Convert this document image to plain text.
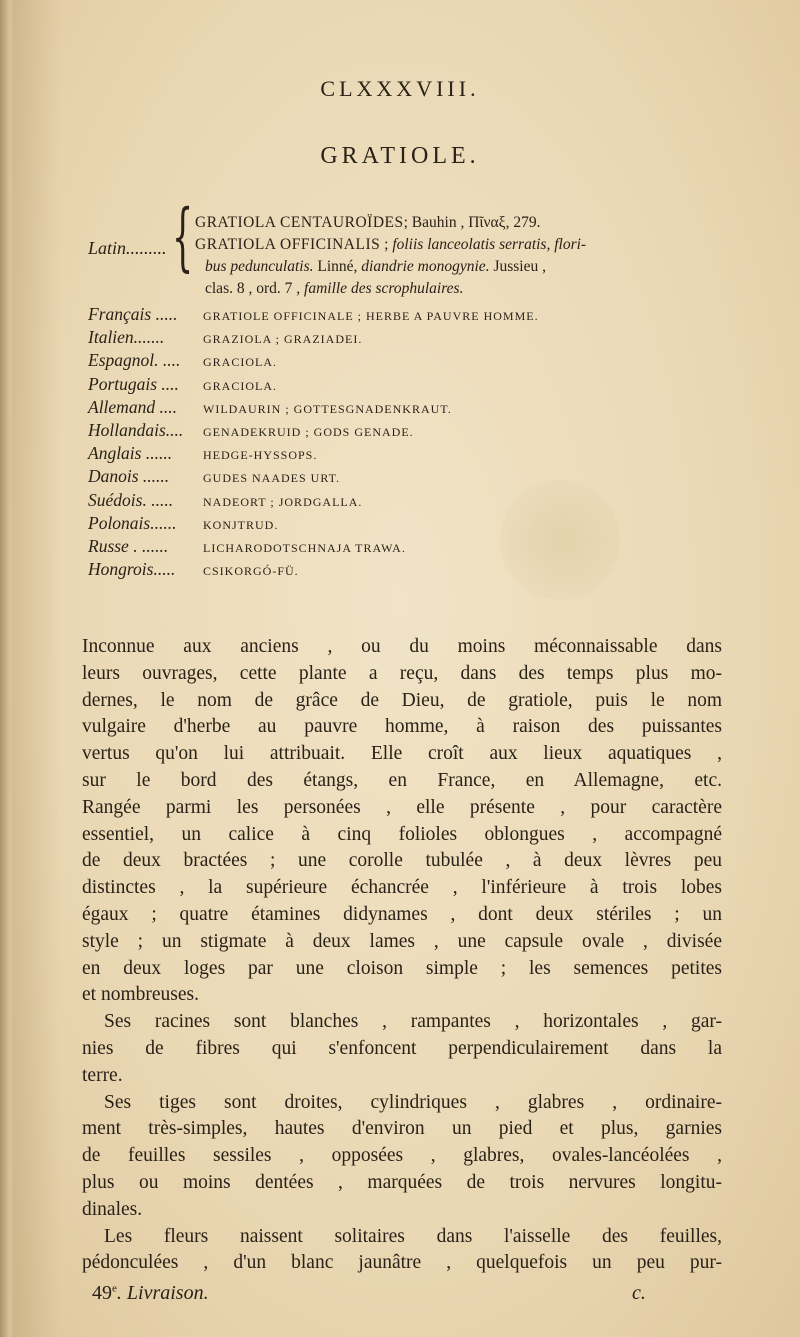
CLXXXVIII.
GRATIOLE.
Latin......... { GRATIOLA CENTAUROÏDES; Bauhin , Πῖναξ, 279.
GRATIOLA OFFICINALIS ; foliis lanceolatis serratis, flori-
bus pedunculatis. Linné, diandrie monogynie. Jussieu ,
clas. 8 , ord. 7 , famille des scrophulaires.
Français .....	GRATIOLE OFFICINALE ; HERBE A PAUVRE HOMME.
Italien.......	GRAZIOLA ; GRAZIADEI.
Espagnol. ....	GRACIOLA.
Portugais ....	GRACIOLA.
Allemand ....	WILDAURIN ; GOTTESGNADENKRAUT.
Hollandais....	GENADEKRUID ; GODS GENADE.
Anglais ......	HEDGE-HYSSOPS.
Danois ......	GUDES NAADES URT.
Suédois. .....	NADEORT ; JORDGALLA.
Polonais......	KONJTRUD.
Russe . ......	LICHARODOTSCHNAJA TRAWA.
Hongrois.....	CSIKORGÓ-FÜ.

Inconnue aux anciens , ou du moins méconnaissable dans
leurs ouvrages, cette plante a reçu, dans des temps plus mo-
dernes, le nom de grâce de Dieu, de gratiole, puis le nom
vulgaire d'herbe au pauvre homme, à raison des puissantes
vertus qu'on lui attribuait. Elle croît aux lieux aquatiques ,
sur le bord des étangs, en France, en Allemagne, etc.
Rangée parmi les personées , elle présente , pour caractère
essentiel, un calice à cinq folioles oblongues , accompagné
de deux bractées ; une corolle tubulée , à deux lèvres peu
distinctes , la supérieure échancrée , l'inférieure à trois lobes
égaux ; quatre étamines didynames , dont deux stériles ; un
style ; un stigmate à deux lames , une capsule ovale , divisée
en deux loges par une cloison simple ; les semences petites
et nombreuses.

Ses racines sont blanches , rampantes , horizontales , gar-
nies de fibres qui s'enfoncent perpendiculairement dans la
terre.

Ses tiges sont droites, cylindriques , glabres , ordinaire-
ment très-simples, hautes d'environ un pied et plus, garnies
de feuilles sessiles , opposées , glabres, ovales-lancéolées ,
plus ou moins dentées , marquées de trois nervures longitu-
dinales.

Les fleurs naissent solitaires dans l'aisselle des feuilles,
pédonculées , d'un blanc jaunâtre , quelquefois un peu pur-

49e. Livraison.	c.
